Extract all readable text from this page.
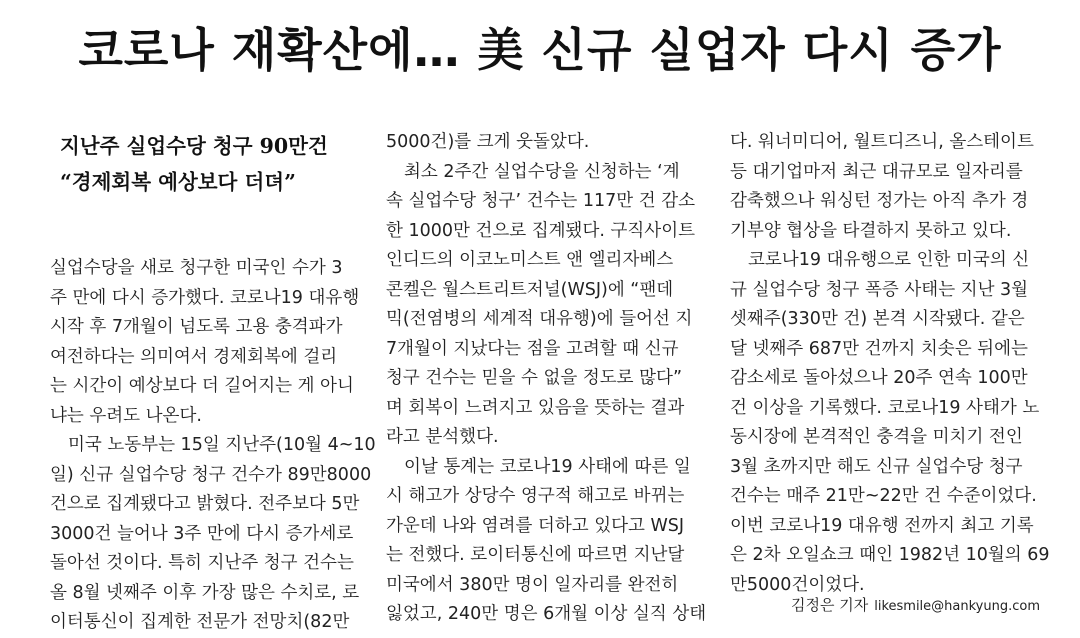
코로나 재확산에… 美 신규 실업자 다시 증가

지난주 실업수당 청구 90만건

“경제회복 예상보다 더뎌”

실업수당을 새로 청구한 미국인 수가 3

주 만에 다시 증가했다. 코로나19 대유행

시작 후 7개월이 넘도록 고용 충격파가

여전하다는 의미여서 경제회복에 걸리

는 시간이 예상보다 더 길어지는 게 아니

냐는 우려도 나온다.

미국 노동부는 15일 지난주(10월 4~10

일) 신규 실업수당 청구 건수가 89만8000

건으로 집계됐다고 밝혔다. 전주보다 5만

3000건 늘어나 3주 만에 다시 증가세로

돌아선 것이다. 특히 지난주 청구 건수는

올 8월 넷째주 이후 가장 많은 수치로, 로

이터통신이 집계한 전문가 전망치(82만

5000건)를 크게 웃돌았다.

최소 2주간 실업수당을 신청하는 ‘계

속 실업수당 청구’ 건수는 117만 건 감소

한 1000만 건으로 집계됐다. 구직사이트

인디드의 이코노미스트 앤 엘리자베스

콘켈은 월스트리트저널(WSJ)에 “팬데

믹(전염병의 세계적 대유행)에 들어선 지

7개월이 지났다는 점을 고려할 때 신규

청구 건수는 믿을 수 없을 정도로 많다”

며 회복이 느려지고 있음을 뜻하는 결과

라고 분석했다.

이날 통계는 코로나19 사태에 따른 일

시 해고가 상당수 영구적 해고로 바뀌는

가운데 나와 염려를 더하고 있다고 WSJ

는 전했다. 로이터통신에 따르면 지난달

미국에서 380만 명이 일자리를 완전히

잃었고, 240만 명은 6개월 이상 실직 상태

다. 워너미디어, 월트디즈니, 올스테이트

등 대기업마저 최근 대규모로 일자리를

감축했으나 워싱턴 정가는 아직 추가 경

기부양 협상을 타결하지 못하고 있다.

코로나19 대유행으로 인한 미국의 신

규 실업수당 청구 폭증 사태는 지난 3월

셋째주(330만 건) 본격 시작됐다. 같은

달 넷째주 687만 건까지 치솟은 뒤에는

감소세로 돌아섰으나 20주 연속 100만

건 이상을 기록했다. 코로나19 사태가 노

동시장에 본격적인 충격을 미치기 전인

3월 초까지만 해도 신규 실업수당 청구

건수는 매주 21만~22만 건 수준이었다.

이번 코로나19 대유행 전까지 최고 기록

은 2차 오일쇼크 때인 1982년 10월의 69

만5000건이었다.

김정은 기자 likesmile@hankyung.com
